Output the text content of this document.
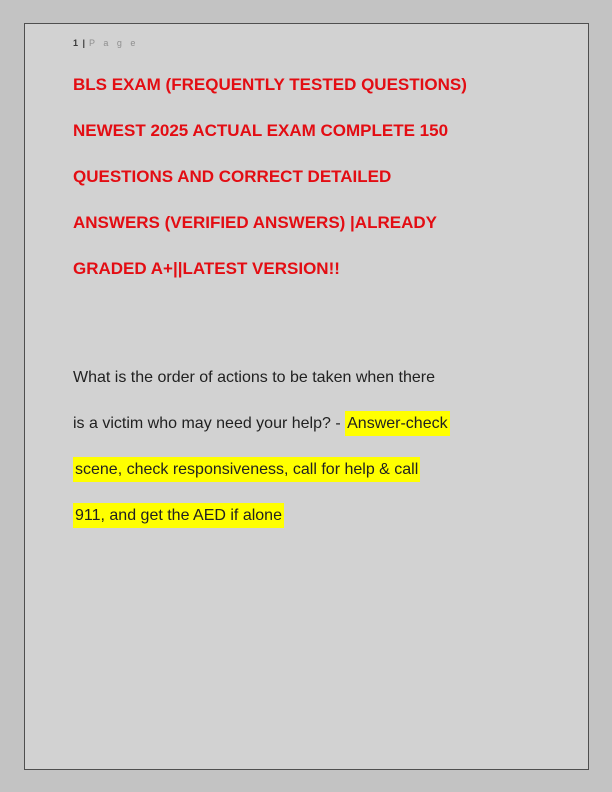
1 | P a g e
BLS EXAM (FREQUENTLY TESTED QUESTIONS)
NEWEST 2025 ACTUAL EXAM COMPLETE 150
QUESTIONS AND CORRECT DETAILED
ANSWERS (VERIFIED ANSWERS) |ALREADY
GRADED A+||LATEST VERSION!!

What is the order of actions to be taken when there
is a victim who may need your help? - Answer-check
scene, check responsiveness, call for help & call
911, and get the AED if alone
